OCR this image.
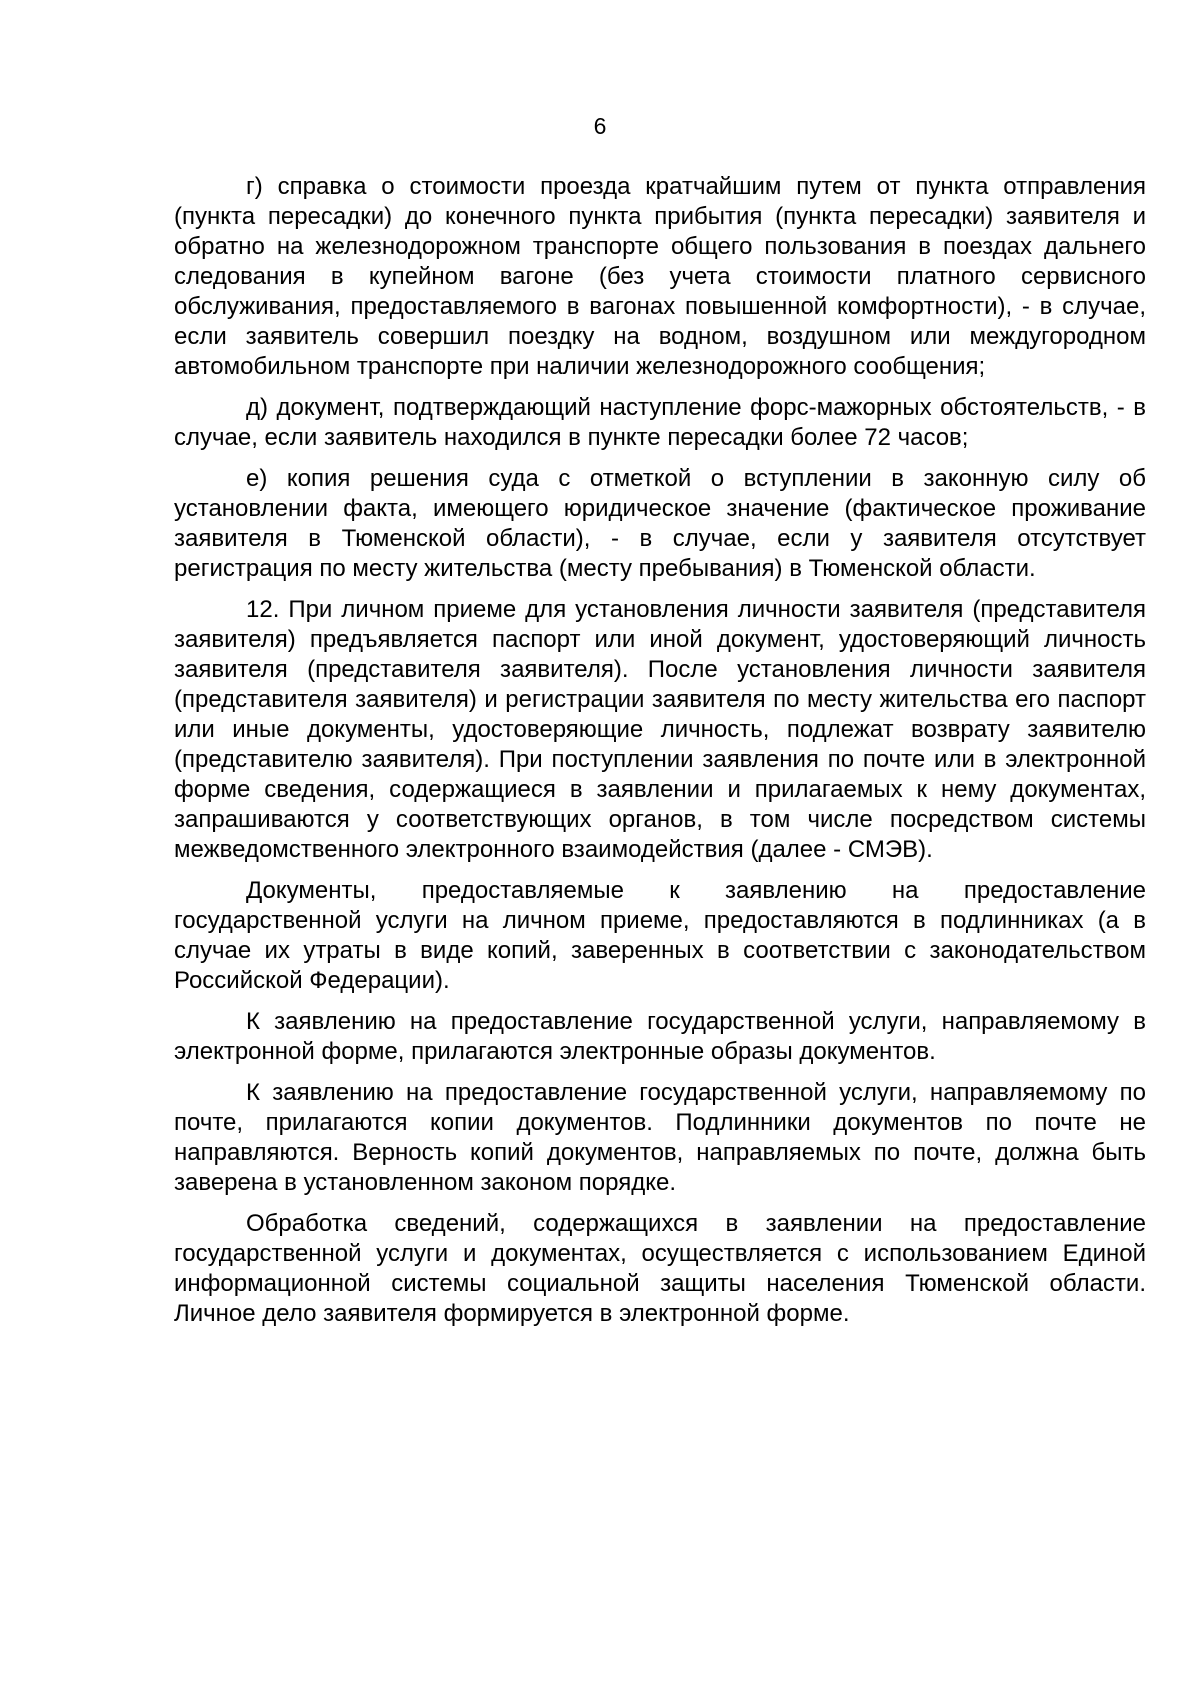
6

г) справка о стоимости проезда кратчайшим путем от пункта отправления (пункта пересадки) до конечного пункта прибытия (пункта пересадки) заявителя и обратно на железнодорожном транспорте общего пользования в поездах дальнего следования в купейном вагоне (без учета стоимости платного сервисного обслуживания, предоставляемого в вагонах повышенной комфортности), - в случае, если заявитель совершил поездку на водном, воздушном или междугородном автомобильном транспорте при наличии железнодорожного сообщения;

д) документ, подтверждающий наступление форс-мажорных обстоятельств, - в случае, если заявитель находился в пункте пересадки более 72 часов;

е) копия решения суда с отметкой о вступлении в законную силу об установлении факта, имеющего юридическое значение (фактическое проживание заявителя в Тюменской области), - в случае, если у заявителя отсутствует регистрация по месту жительства (месту пребывания) в Тюменской области.

12. При личном приеме для установления личности заявителя (представителя заявителя) предъявляется паспорт или иной документ, удостоверяющий личность заявителя (представителя заявителя). После установления личности заявителя (представителя заявителя) и регистрации заявителя по месту жительства его паспорт или иные документы, удостоверяющие личность, подлежат возврату заявителю (представителю заявителя). При поступлении заявления по почте или в электронной форме сведения, содержащиеся в заявлении и прилагаемых к нему документах, запрашиваются у соответствующих органов, в том числе посредством системы межведомственного электронного взаимодействия (далее - СМЭВ).

Документы, предоставляемые к заявлению на предоставление государственной услуги на личном приеме, предоставляются в подлинниках (а в случае их утраты в виде копий, заверенных в соответствии с законодательством Российской Федерации).

К заявлению на предоставление государственной услуги, направляемому в электронной форме, прилагаются электронные образы документов.

К заявлению на предоставление государственной услуги, направляемому по почте, прилагаются копии документов. Подлинники документов по почте не направляются. Верность копий документов, направляемых по почте, должна быть заверена в установленном законом порядке.

Обработка сведений, содержащихся в заявлении на предоставление государственной услуги и документах, осуществляется с использованием Единой информационной системы социальной защиты населения Тюменской области. Личное дело заявителя формируется в электронной форме.
